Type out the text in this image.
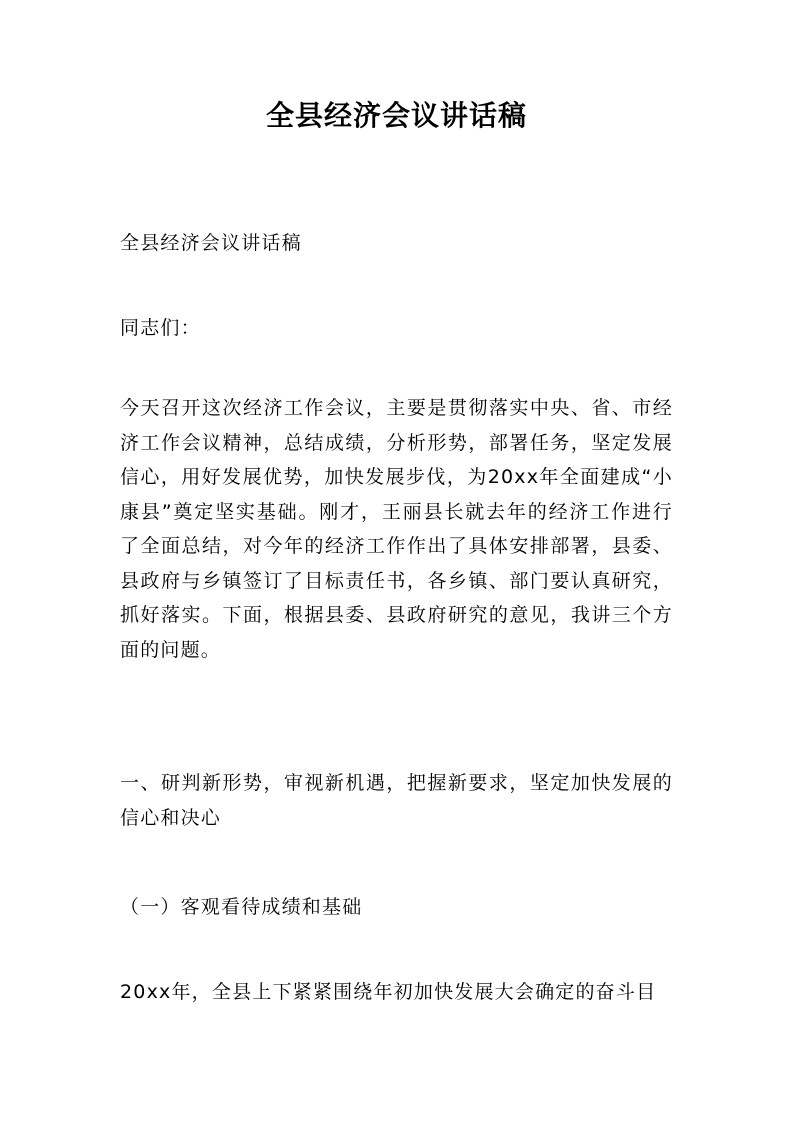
全县经济会议讲话稿

全县经济会议讲话稿

同志们：

今天召开这次经济工作会议，主要是贯彻落实中央、省、市经济工作会议精神，总结成绩，分析形势，部署任务，坚定发展信心，用好发展优势，加快发展步伐，为20xx年全面建成“小康县”奠定坚实基础。刚才，王丽县长就去年的经济工作进行了全面总结，对今年的经济工作作出了具体安排部署，县委、县政府与乡镇签订了目标责任书，各乡镇、部门要认真研究，抓好落实。下面，根据县委、县政府研究的意见，我讲三个方面的问题。

一、研判新形势，审视新机遇，把握新要求，坚定加快发展的信心和决心

（一）客观看待成绩和基础

20xx年，全县上下紧紧围绕年初加快发展大会确定的奋斗目
